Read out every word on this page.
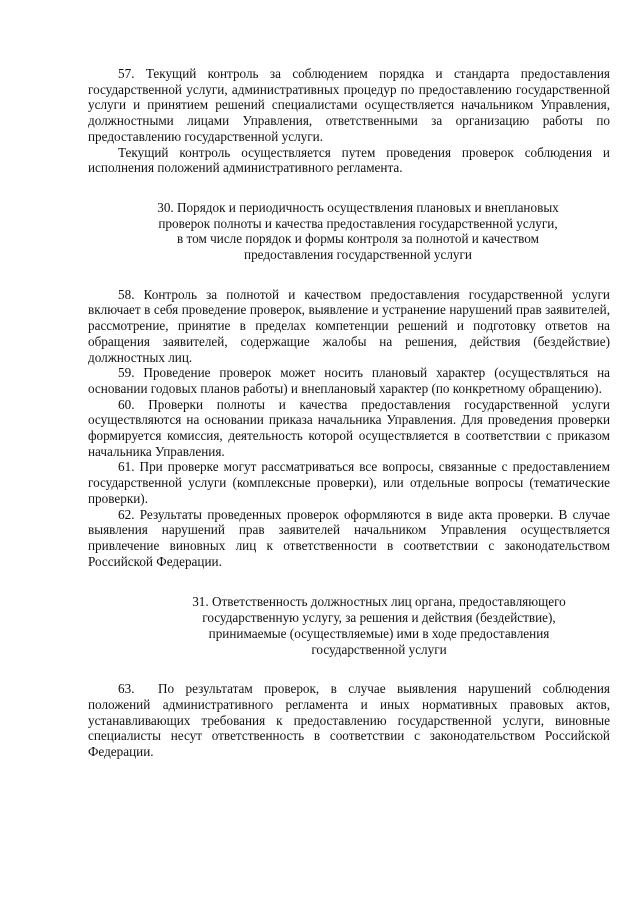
57. Текущий контроль за соблюдением порядка и стандарта предоставления государственной услуги, административных процедур по предоставлению государственной услуги и принятием решений специалистами осуществляется начальником Управления, должностными лицами Управления, ответственными за организацию работы по предоставлению государственной услуги.

Текущий контроль осуществляется путем проведения проверок соблюдения и исполнения положений административного регламента.

30. Порядок и периодичность осуществления плановых и внеплановых
проверок полноты и качества предоставления государственной услуги,
в том числе порядок и формы контроля за полнотой и качеством
предоставления государственной услуги

58. Контроль за полнотой и качеством предоставления государственной услуги включает в себя проведение проверок, выявление и устранение нарушений прав заявителей, рассмотрение, принятие в пределах компетенции решений и подготовку ответов на обращения заявителей, содержащие жалобы на решения, действия (бездействие) должностных лиц.

59. Проведение проверок может носить плановый характер (осуществляться на основании годовых планов работы) и внеплановый характер (по конкретному обращению).

60. Проверки полноты и качества предоставления государственной услуги осуществляются на основании приказа начальника Управления. Для проведения проверки формируется комиссия, деятельность которой осуществляется в соответствии с приказом начальника Управления.

61. При проверке могут рассматриваться все вопросы, связанные с предоставлением государственной услуги (комплексные проверки), или отдельные вопросы (тематические проверки).

62. Результаты проведенных проверок оформляются в виде акта проверки. В случае выявления нарушений прав заявителей начальником Управления осуществляется привлечение виновных лиц к ответственности в соответствии с законодательством Российской Федерации.

31. Ответственность должностных лиц органа, предоставляющего
государственную услугу, за решения и действия (бездействие),
принимаемые (осуществляемые) ими в ходе предоставления
государственной услуги

63. По результатам проверок, в случае выявления нарушений соблюдения положений административного регламента и иных нормативных правовых актов, устанавливающих требования к предоставлению государственной услуги, виновные специалисты несут ответственность в соответствии с законодательством Российской Федерации.
